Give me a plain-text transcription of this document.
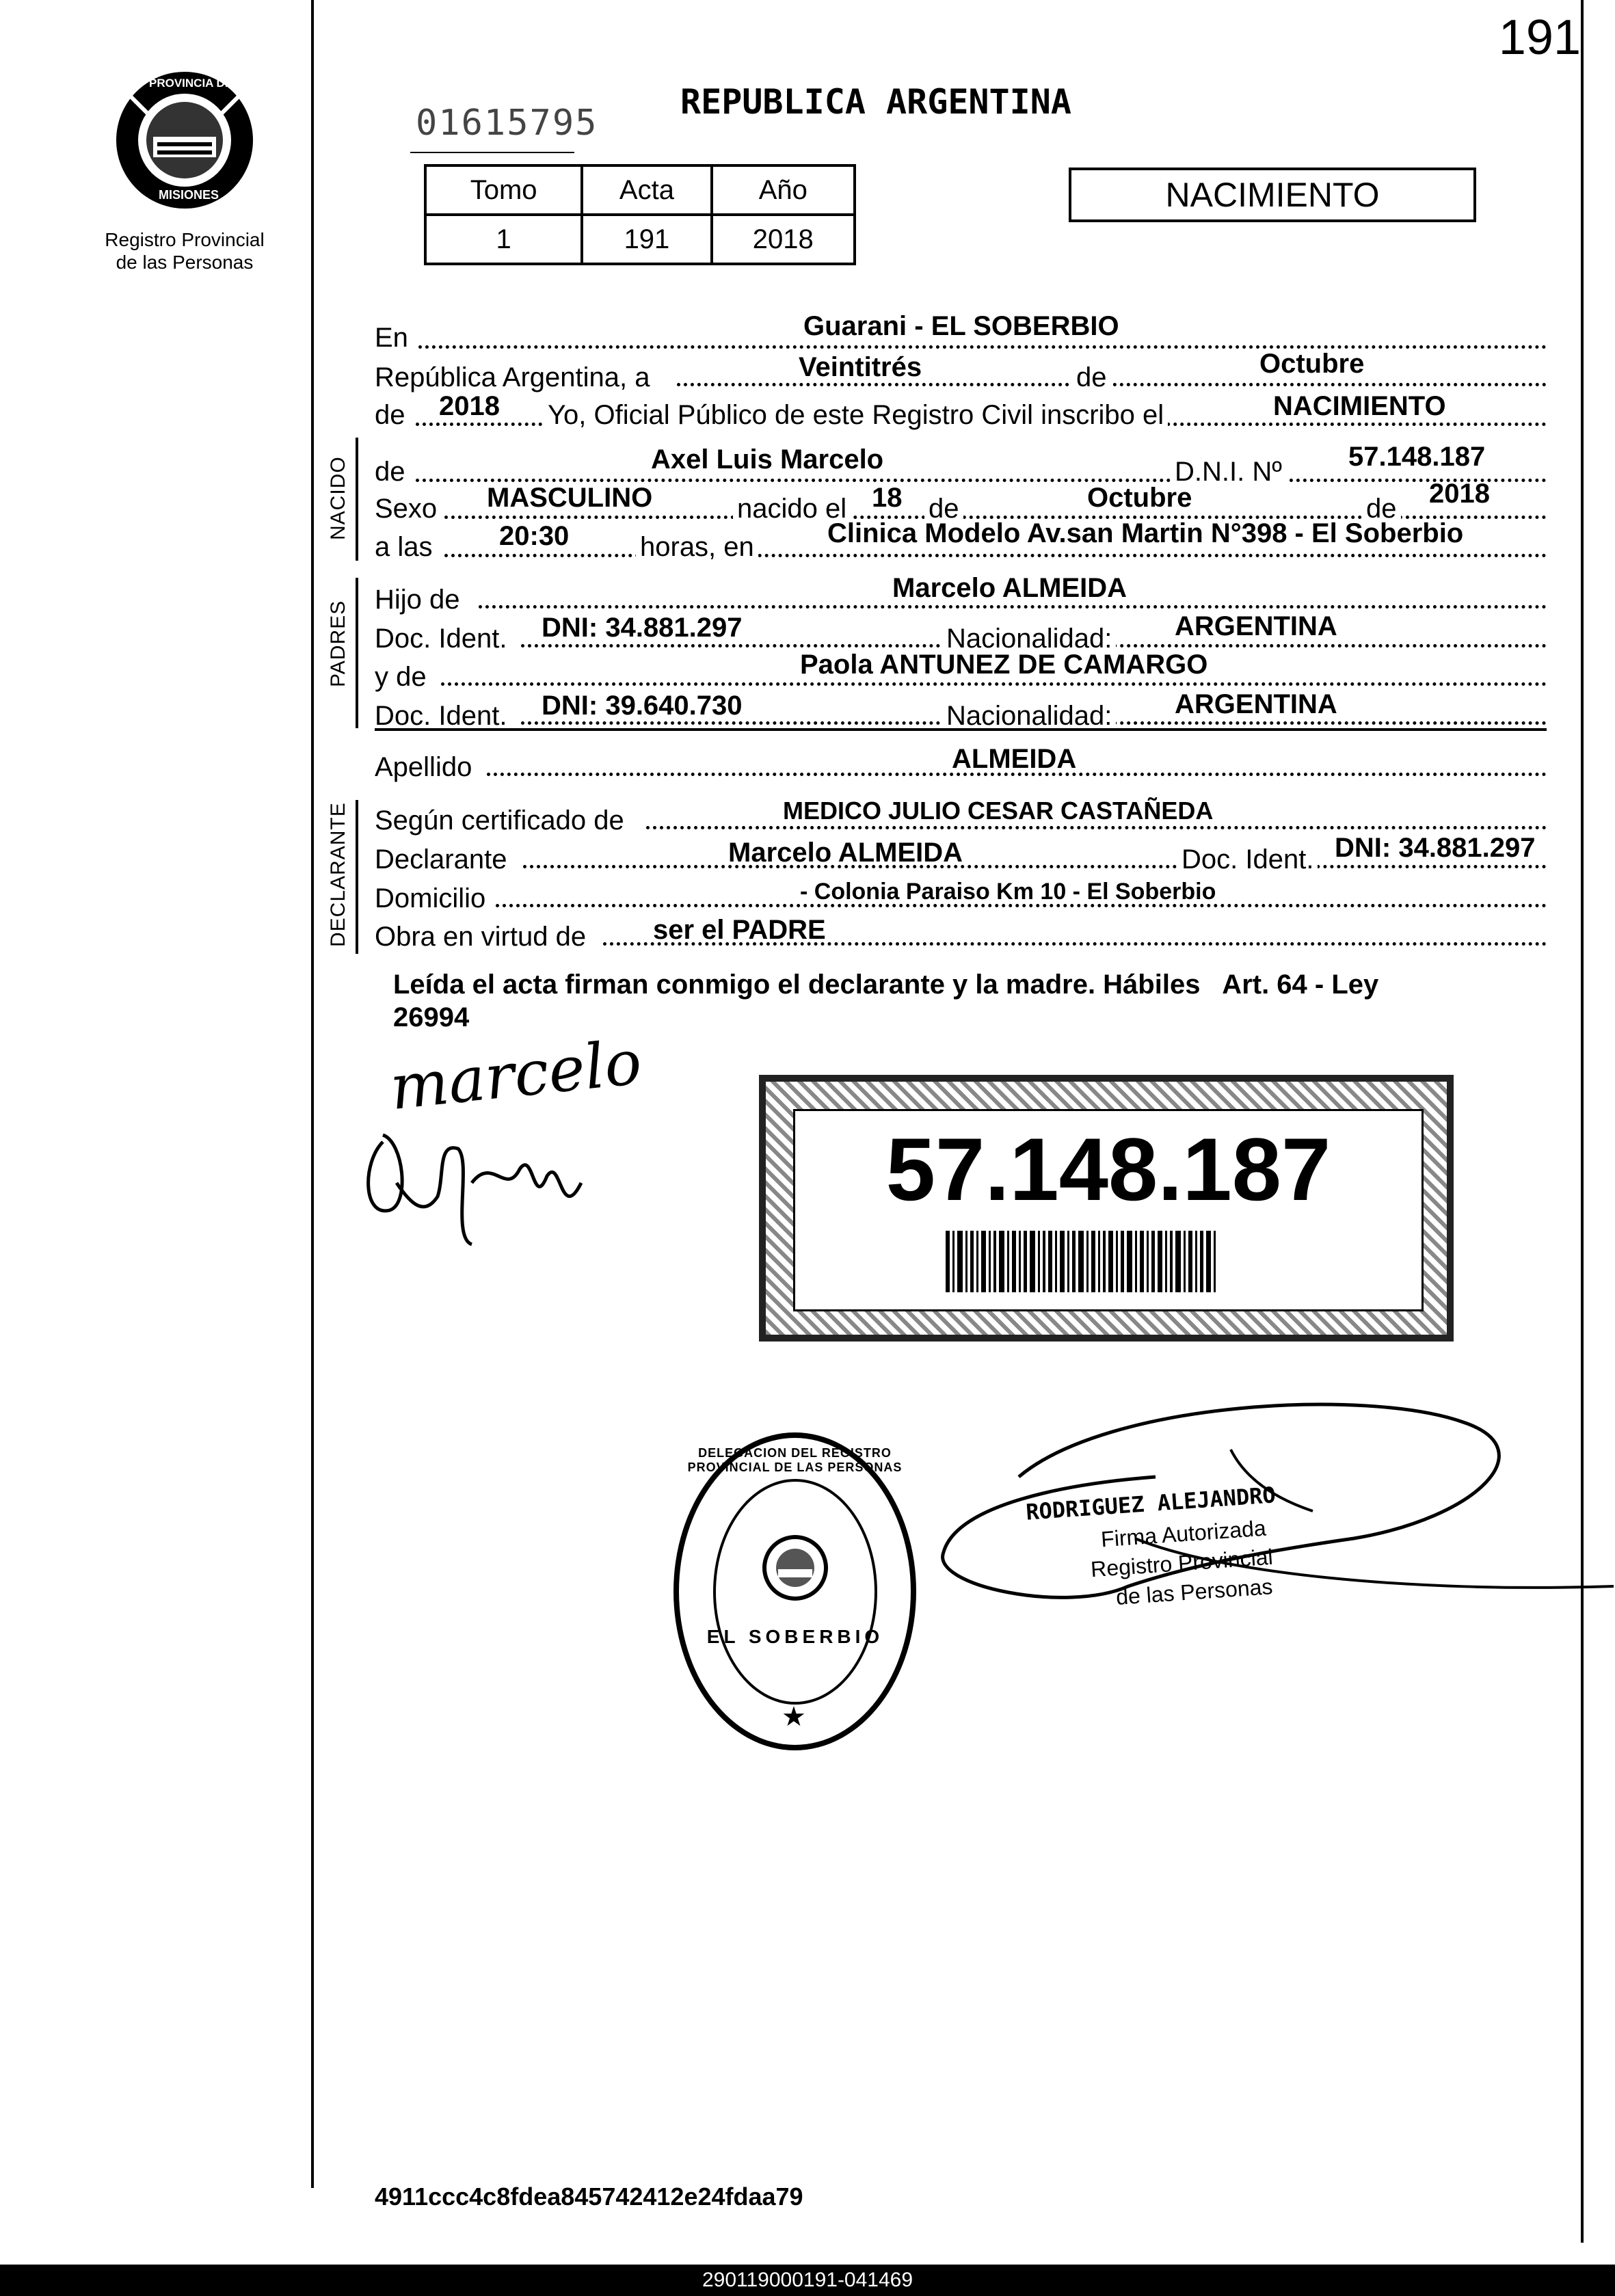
191
PROVINCIA DE
MISIONES
Registro Provincial
de las Personas
01615795
REPUBLICA ARGENTINA
Tomo	Acta	Año
1	191	2018
NACIMIENTO
NACIDO
PADRES
DECLARANTE
En	Guarani - EL SOBERBIO
República Argentina, a	Veintitrés	de	Octubre
de 2018 Yo, Oficial Público de este Registro Civil inscribo el	NACIMIENTO
de	Axel Luis Marcelo	D.N.I. Nº 57.148.187
Sexo MASCULINO	nacido el 18 de	Octubre	de 2018
a las 20:30	horas, en	Clinica Modelo Av.san Martin N°398 - El Soberbio
Hijo de	Marcelo ALMEIDA
Doc. Ident. DNI: 34.881.297	Nacionalidad: ARGENTINA
y de	Paola ANTUNEZ DE CAMARGO
Doc. Ident. DNI: 39.640.730	Nacionalidad: ARGENTINA
Apellido	ALMEIDA
Según certificado de	MEDICO JULIO CESAR CASTAÑEDA
Declarante	Marcelo ALMEIDA	Doc. Ident. DNI: 34.881.297
Domicilio	- Colonia Paraiso Km 10 - El Soberbio
Obra en virtud de ser el PADRE
Leída el acta firman conmigo el declarante y la madre. Hábiles   Art. 64 - Ley
26994
marcelo
57.148.187
DELEGACION DEL REGISTRO PROVINCIAL DE LAS PERSONAS
EL SOBERBIO
★
RODRIGUEZ ALEJANDRO
Firma Autorizada
Registro Provincial
de las Personas
4911ccc4c8fdea845742412e24fdaa79
290119000191-041469
